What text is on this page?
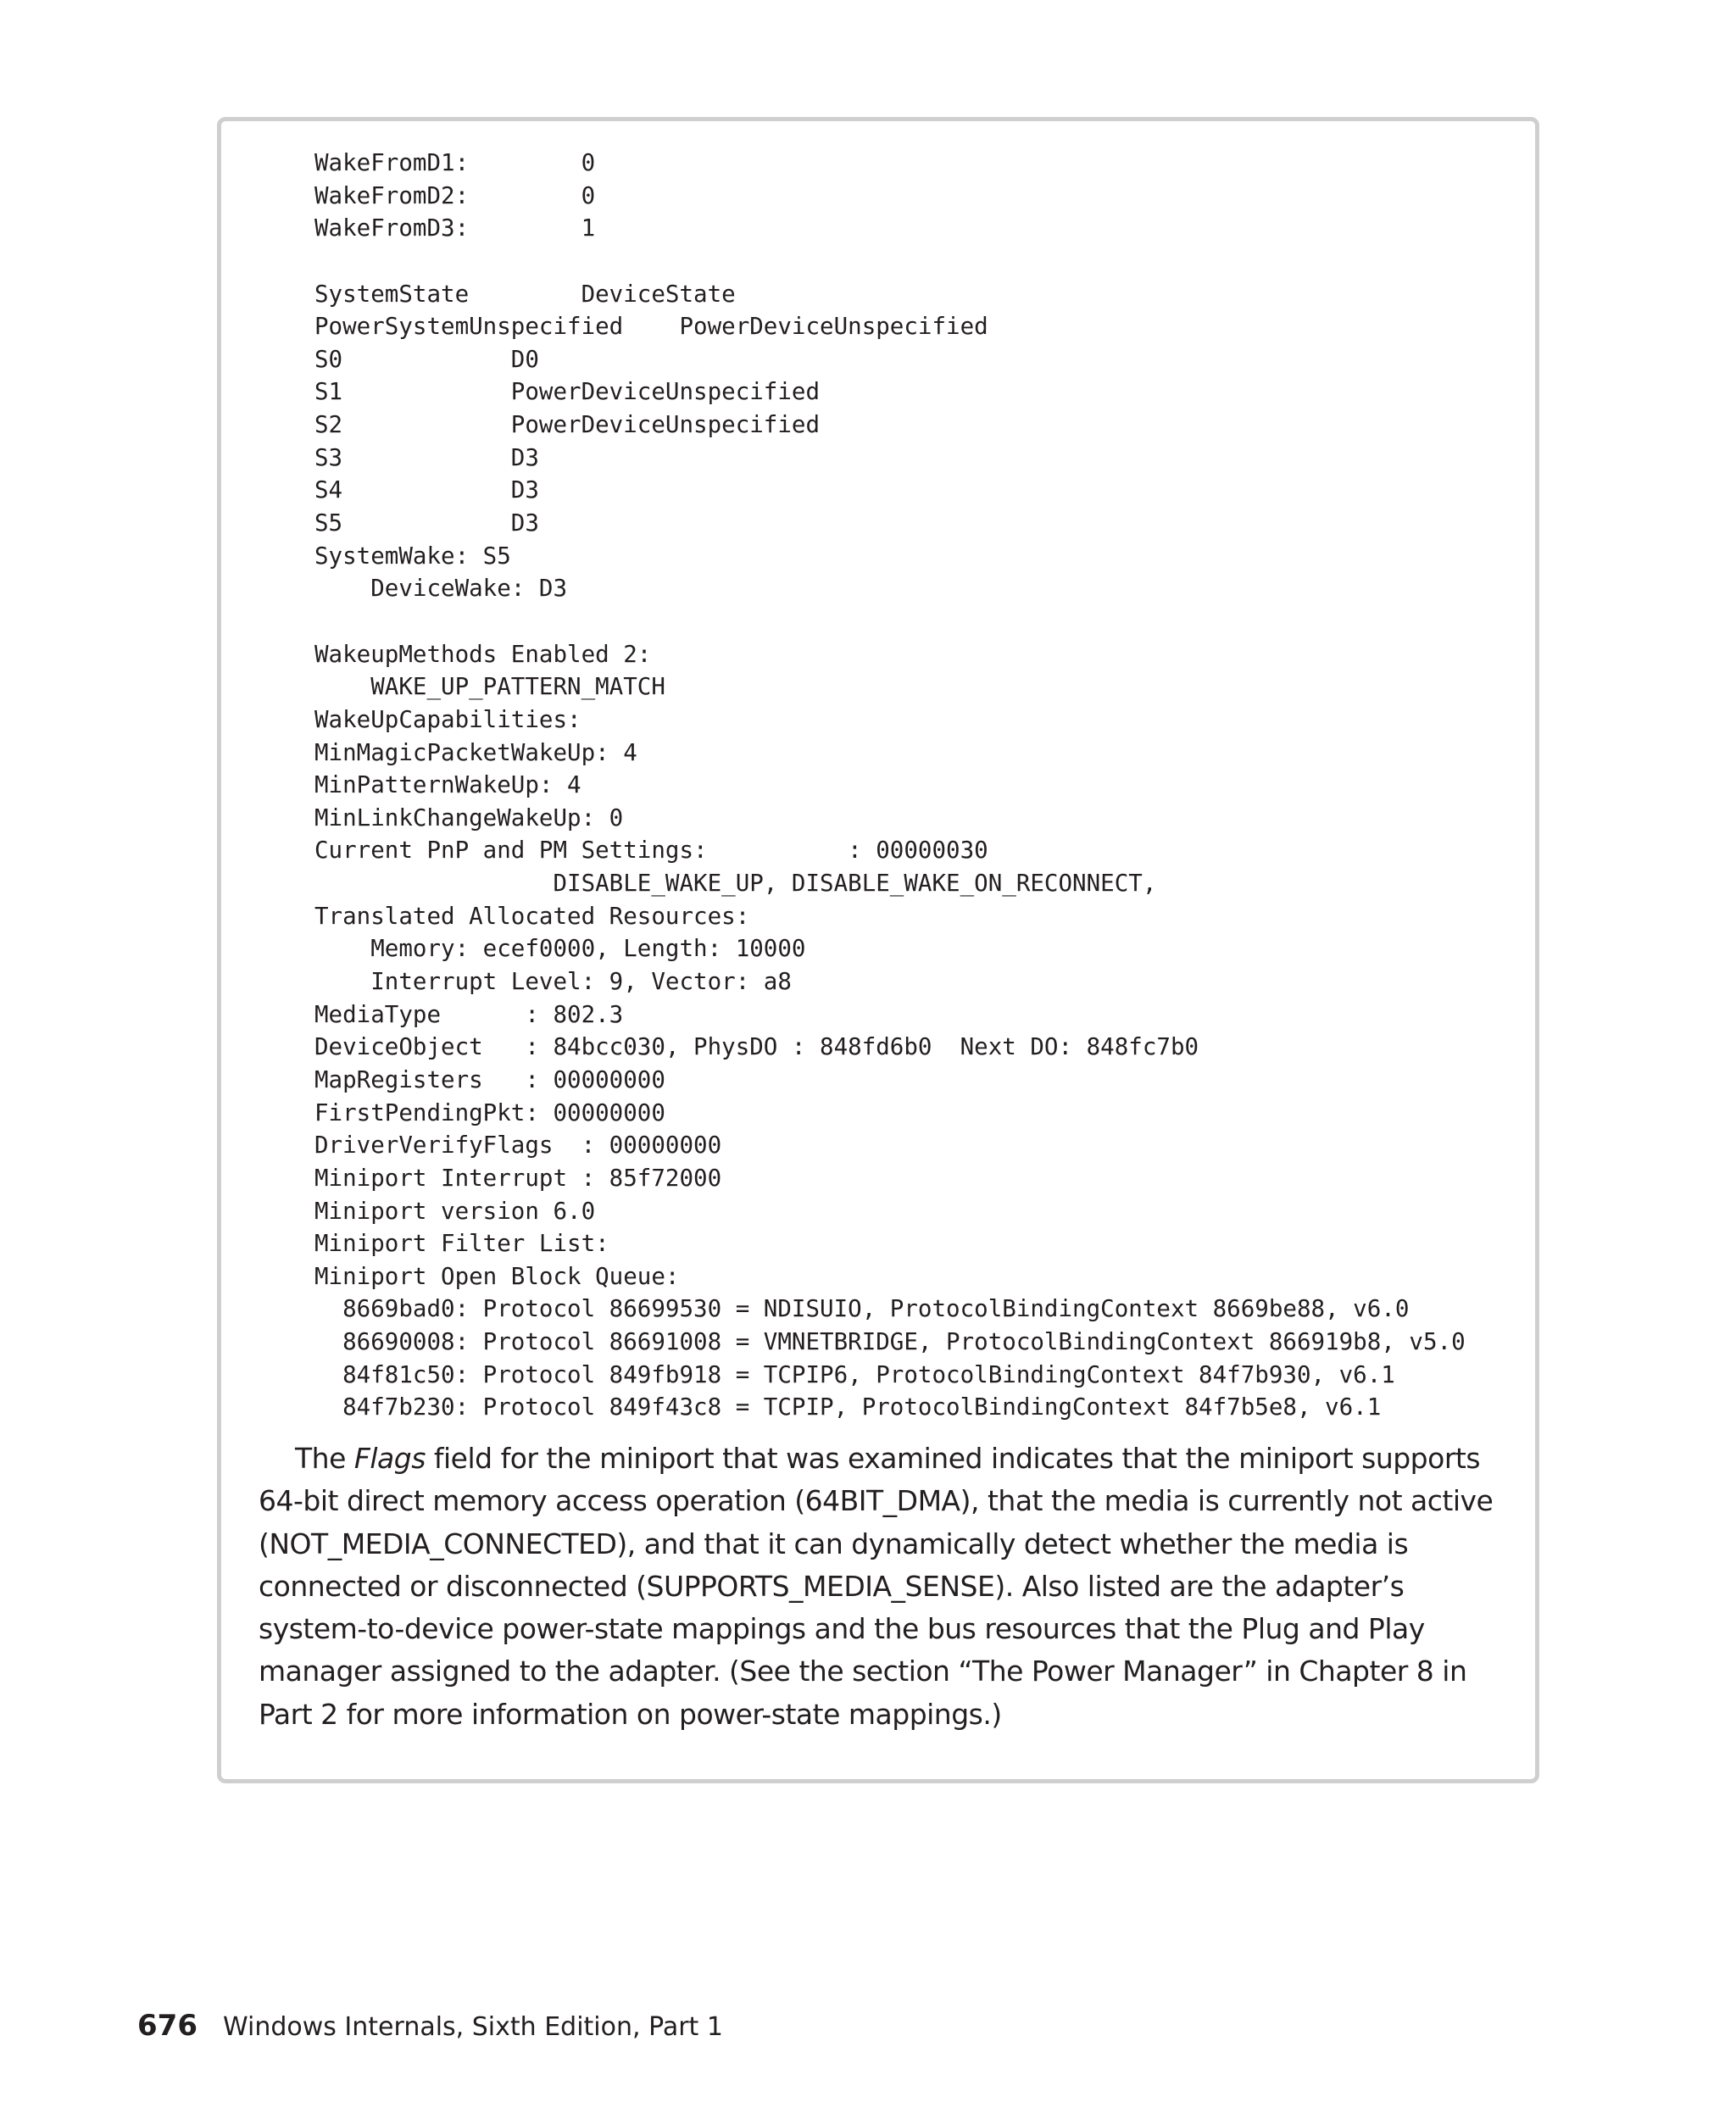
WakeFromD1:        0
WakeFromD2:        0
WakeFromD3:        1
SystemState        DeviceState
PowerSystemUnspecified    PowerDeviceUnspecified
S0            D0
S1            PowerDeviceUnspecified
S2            PowerDeviceUnspecified
S3            D3
S4            D3
S5            D3
SystemWake: S5
DeviceWake: D3
WakeupMethods Enabled 2:
WAKE_UP_PATTERN_MATCH
WakeUpCapabilities:
MinMagicPacketWakeUp: 4
MinPatternWakeUp: 4
MinLinkChangeWakeUp: 0
Current PnP and PM Settings:          : 00000030
DISABLE_WAKE_UP, DISABLE_WAKE_ON_RECONNECT,
Translated Allocated Resources:
Memory: ecef0000, Length: 10000
Interrupt Level: 9, Vector: a8
MediaType      : 802.3
DeviceObject   : 84bcc030, PhysDO : 848fd6b0  Next DO: 848fc7b0
MapRegisters   : 00000000
FirstPendingPkt: 00000000
DriverVerifyFlags  : 00000000
Miniport Interrupt : 85f72000
Miniport version 6.0
Miniport Filter List:
Miniport Open Block Queue:
8669bad0: Protocol 86699530 = NDISUIO, ProtocolBindingContext 8669be88, v6.0
86690008: Protocol 86691008 = VMNETBRIDGE, ProtocolBindingContext 866919b8, v5.0
84f81c50: Protocol 849fb918 = TCPIP6, ProtocolBindingContext 84f7b930, v6.1
84f7b230: Protocol 849f43c8 = TCPIP, ProtocolBindingContext 84f7b5e8, v6.1

The Flags field for the miniport that was examined indicates that the miniport supports 64-bit direct memory access operation (64BIT_DMA), that the media is currently not active (NOT_MEDIA_CONNECTED), and that it can dynamically detect whether the media is connected or disconnected (SUPPORTS_MEDIA_SENSE). Also listed are the adapter’s system-to-device power-state mappings and the bus resources that the Plug and Play manager assigned to the adapter. (See the section “The Power Manager” in Chapter 8 in Part 2 for more information on power-state mappings.)

676 Windows Internals, Sixth Edition, Part 1
